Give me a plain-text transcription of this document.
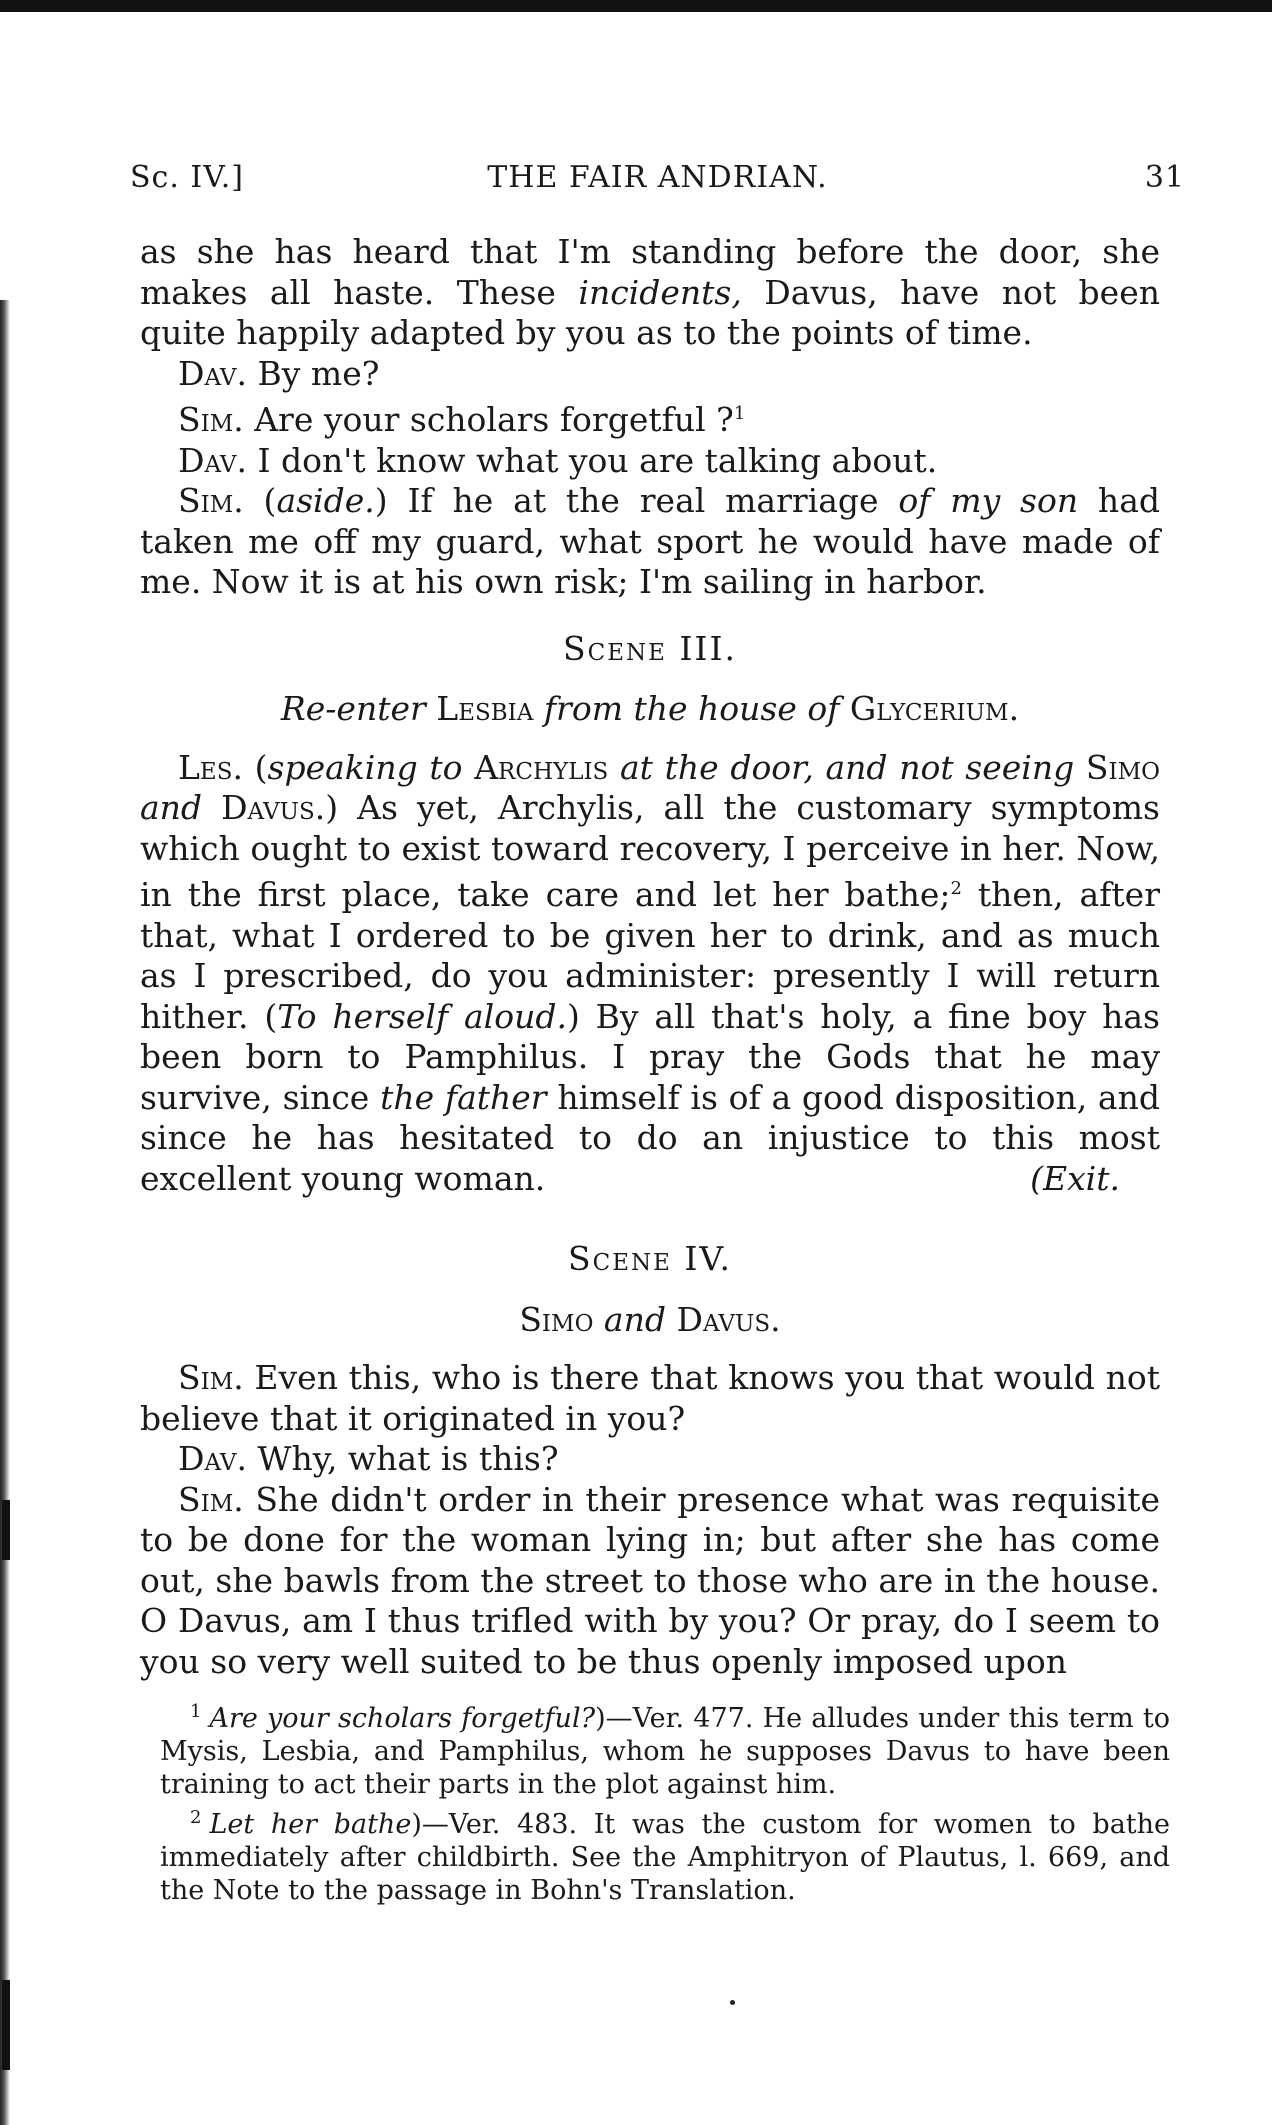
Sc. IV.]	THE FAIR ANDRIAN.	31

as she has heard that I'm standing before the door, she makes all haste. These incidents, Davus, have not been quite happily adapted by you as to the points of time.

Dav. By me?

Sim. Are your scholars forgetful ?$^1$

Dav. I don't know what you are talking about.

Sim. (aside.) If he at the real marriage of my son had taken me off my guard, what sport he would have made of me. Now it is at his own risk; I'm sailing in harbor.

Scene III.
Re-enter Lesbia from the house of Glycerium.

Les. (speaking to Archylis at the door, and not seeing Simo and Davus.) As yet, Archylis, all the customary symptoms which ought to exist toward recovery, I perceive in her. Now, in the first place, take care and let her bathe;$^2$ then, after that, what I ordered to be given her to drink, and as much as I prescribed, do you administer: presently I will return hither. (To herself aloud.) By all that's holy, a fine boy has been born to Pamphilus. I pray the Gods that he may survive, since the father himself is of a good disposition, and since he has hesitated to do an injustice to this most excellent young woman.	(Exit.

Scene IV.
Simo and Davus.

Sim. Even this, who is there that knows you that would not believe that it originated in you?

Dav. Why, what is this?

Sim. She didn't order in their presence what was requisite to be done for the woman lying in; but after she has come out, she bawls from the street to those who are in the house. O Davus, am I thus trifled with by you? Or pray, do I seem to you so very well suited to be thus openly imposed upon

$^1$ Are your scholars forgetful?)—Ver. 477. He alludes under this term to Mysis, Lesbia, and Pamphilus, whom he supposes Davus to have been training to act their parts in the plot against him.

$^2$ Let her bathe)—Ver. 483. It was the custom for women to bathe immediately after childbirth. See the Amphitryon of Plautus, l. 669, and the Note to the passage in Bohn's Translation.
